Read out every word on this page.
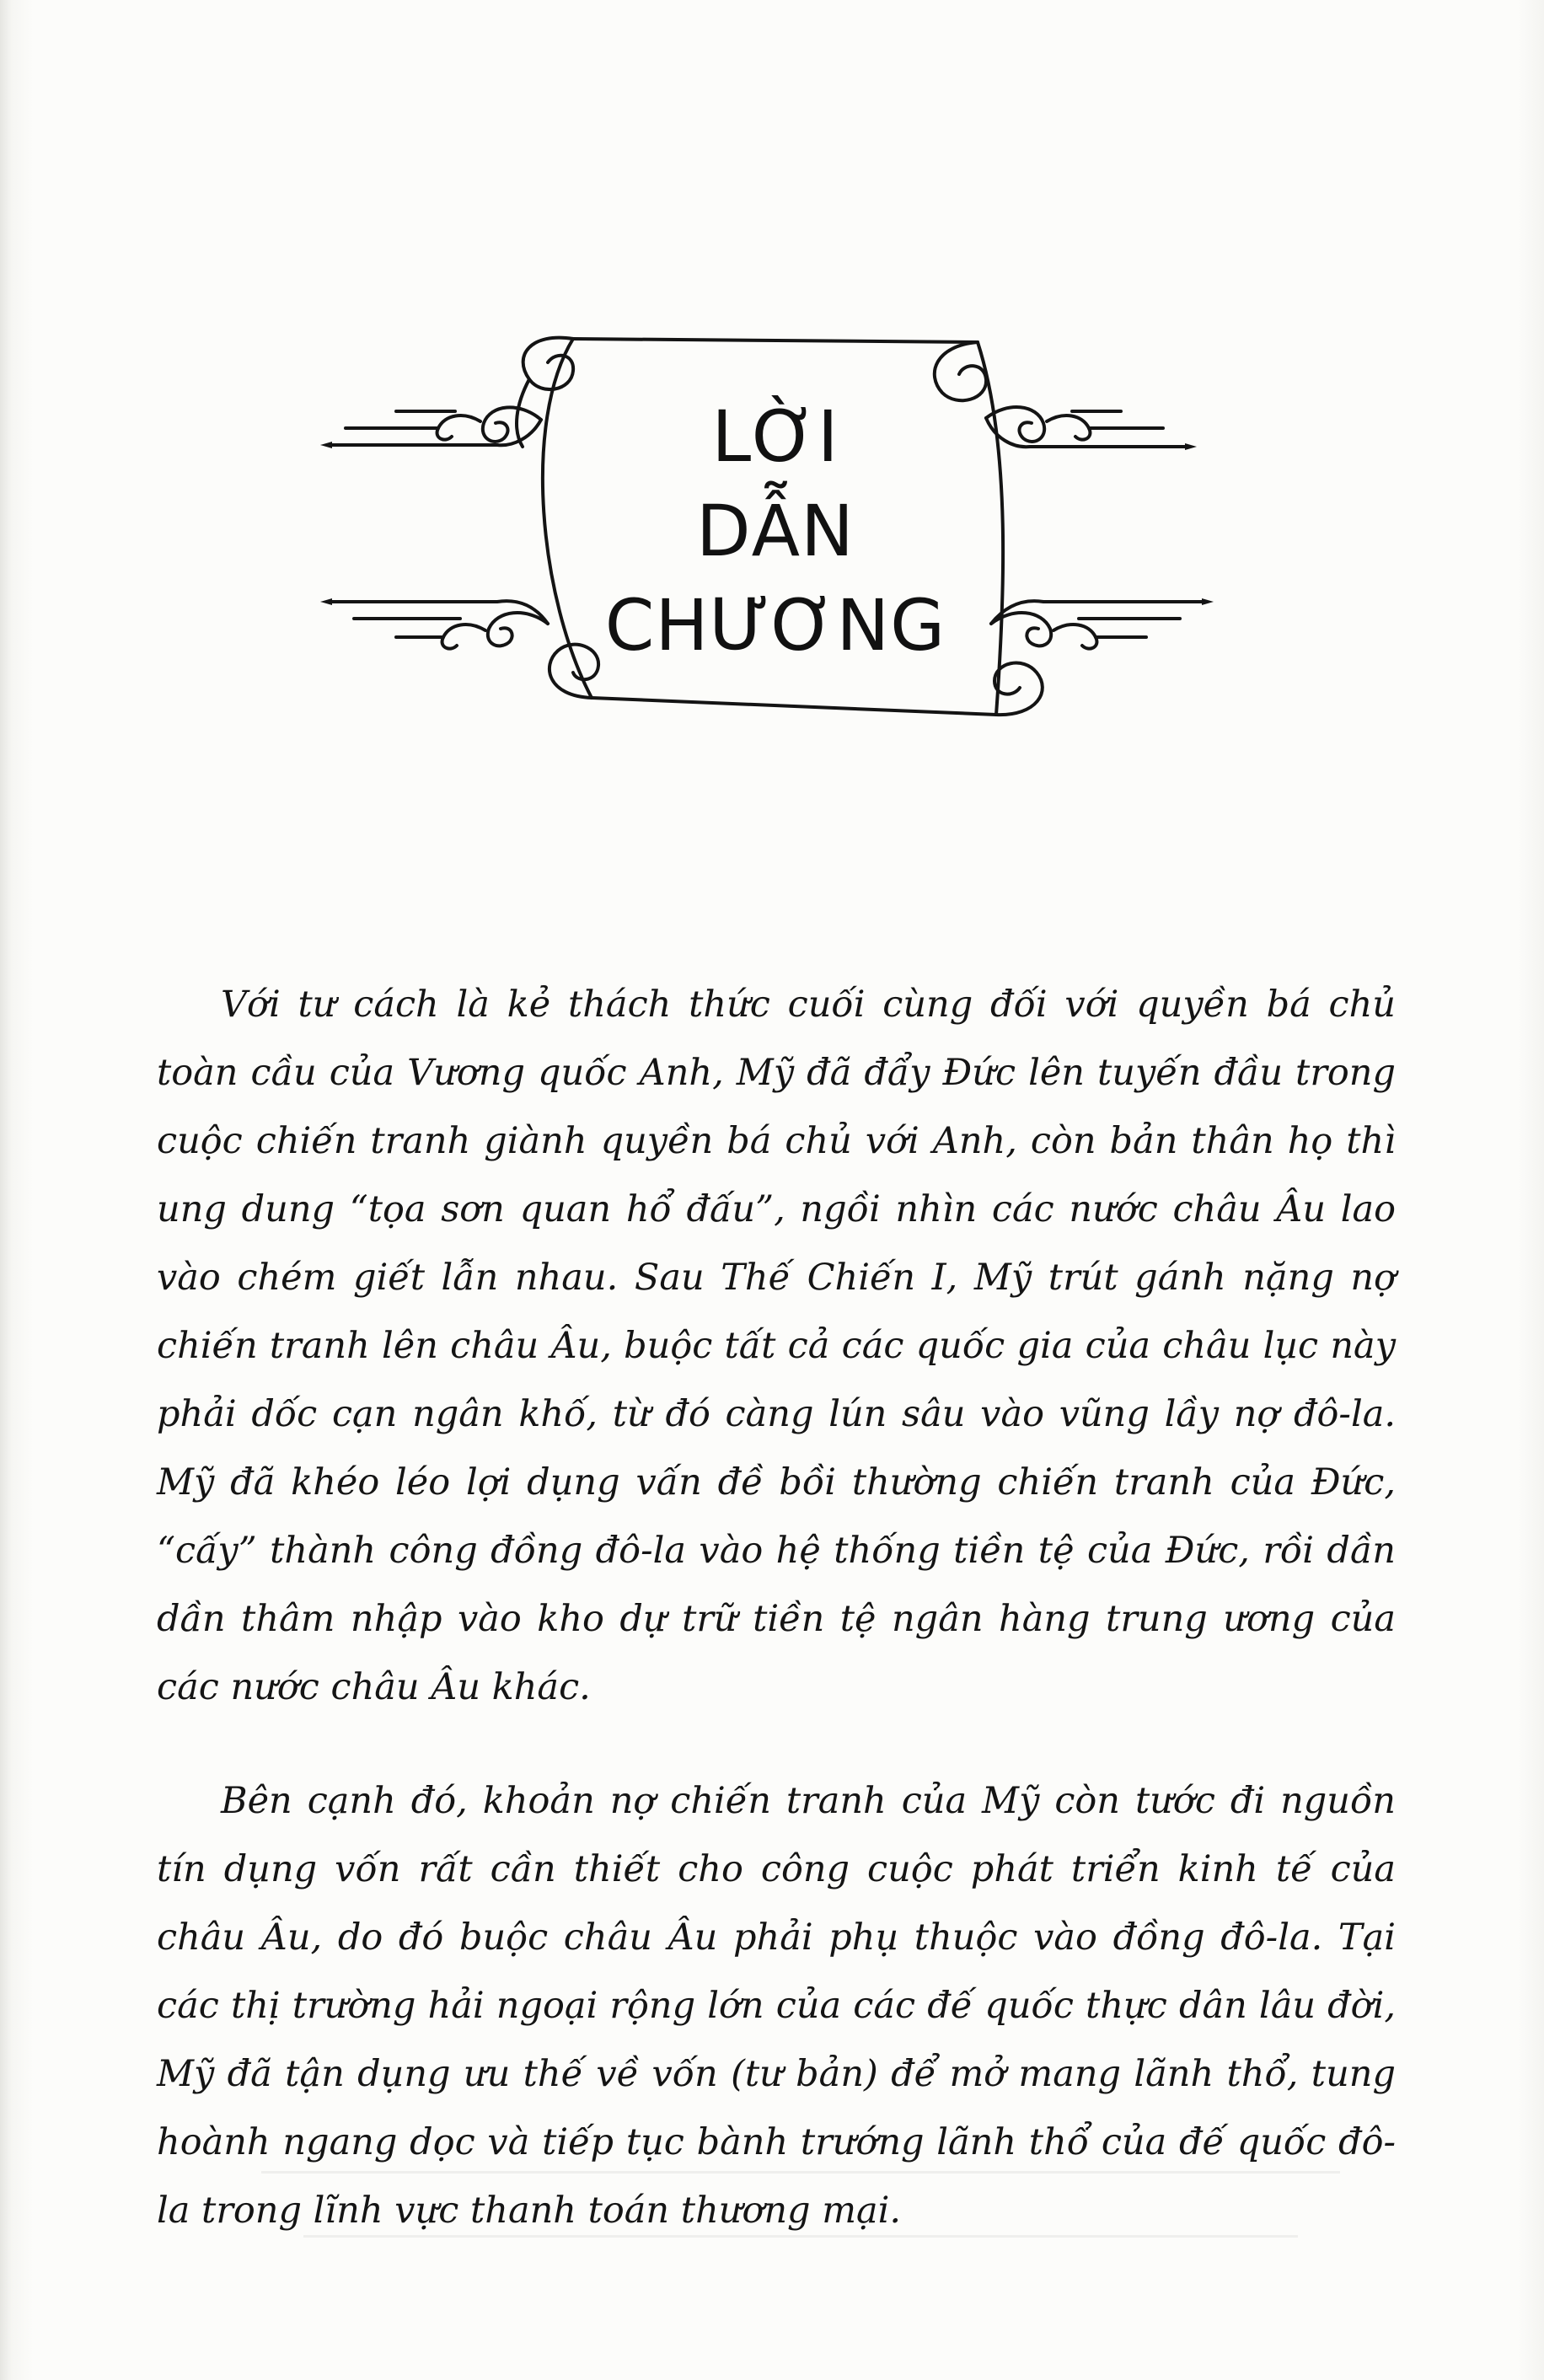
LỜI
DẪN
CHƯƠNG

Với tư cách là kẻ thách thức cuối cùng đối với quyền bá chủ toàn cầu của Vương quốc Anh, Mỹ đã đẩy Đức lên tuyến đầu trong cuộc chiến tranh giành quyền bá chủ với Anh, còn bản thân họ thì ung dung “tọa sơn quan hổ đấu”, ngồi nhìn các nước châu Âu lao vào chém giết lẫn nhau. Sau Thế Chiến I, Mỹ trút gánh nặng nợ chiến tranh lên châu Âu, buộc tất cả các quốc gia của châu lục này phải dốc cạn ngân khố, từ đó càng lún sâu vào vũng lầy nợ đô-la. Mỹ đã khéo léo lợi dụng vấn đề bồi thường chiến tranh của Đức, “cấy” thành công đồng đô-la vào hệ thống tiền tệ của Đức, rồi dần dần thâm nhập vào kho dự trữ tiền tệ ngân hàng trung ương của các nước châu Âu khác.

Bên cạnh đó, khoản nợ chiến tranh của Mỹ còn tước đi nguồn tín dụng vốn rất cần thiết cho công cuộc phát triển kinh tế của châu Âu, do đó buộc châu Âu phải phụ thuộc vào đồng đô-la. Tại các thị trường hải ngoại rộng lớn của các đế quốc thực dân lâu đời, Mỹ đã tận dụng ưu thế về vốn (tư bản) để mở mang lãnh thổ, tung hoành ngang dọc và tiếp tục bành trướng lãnh thổ của đế quốc đô-la trong lĩnh vực thanh toán thương mại.
